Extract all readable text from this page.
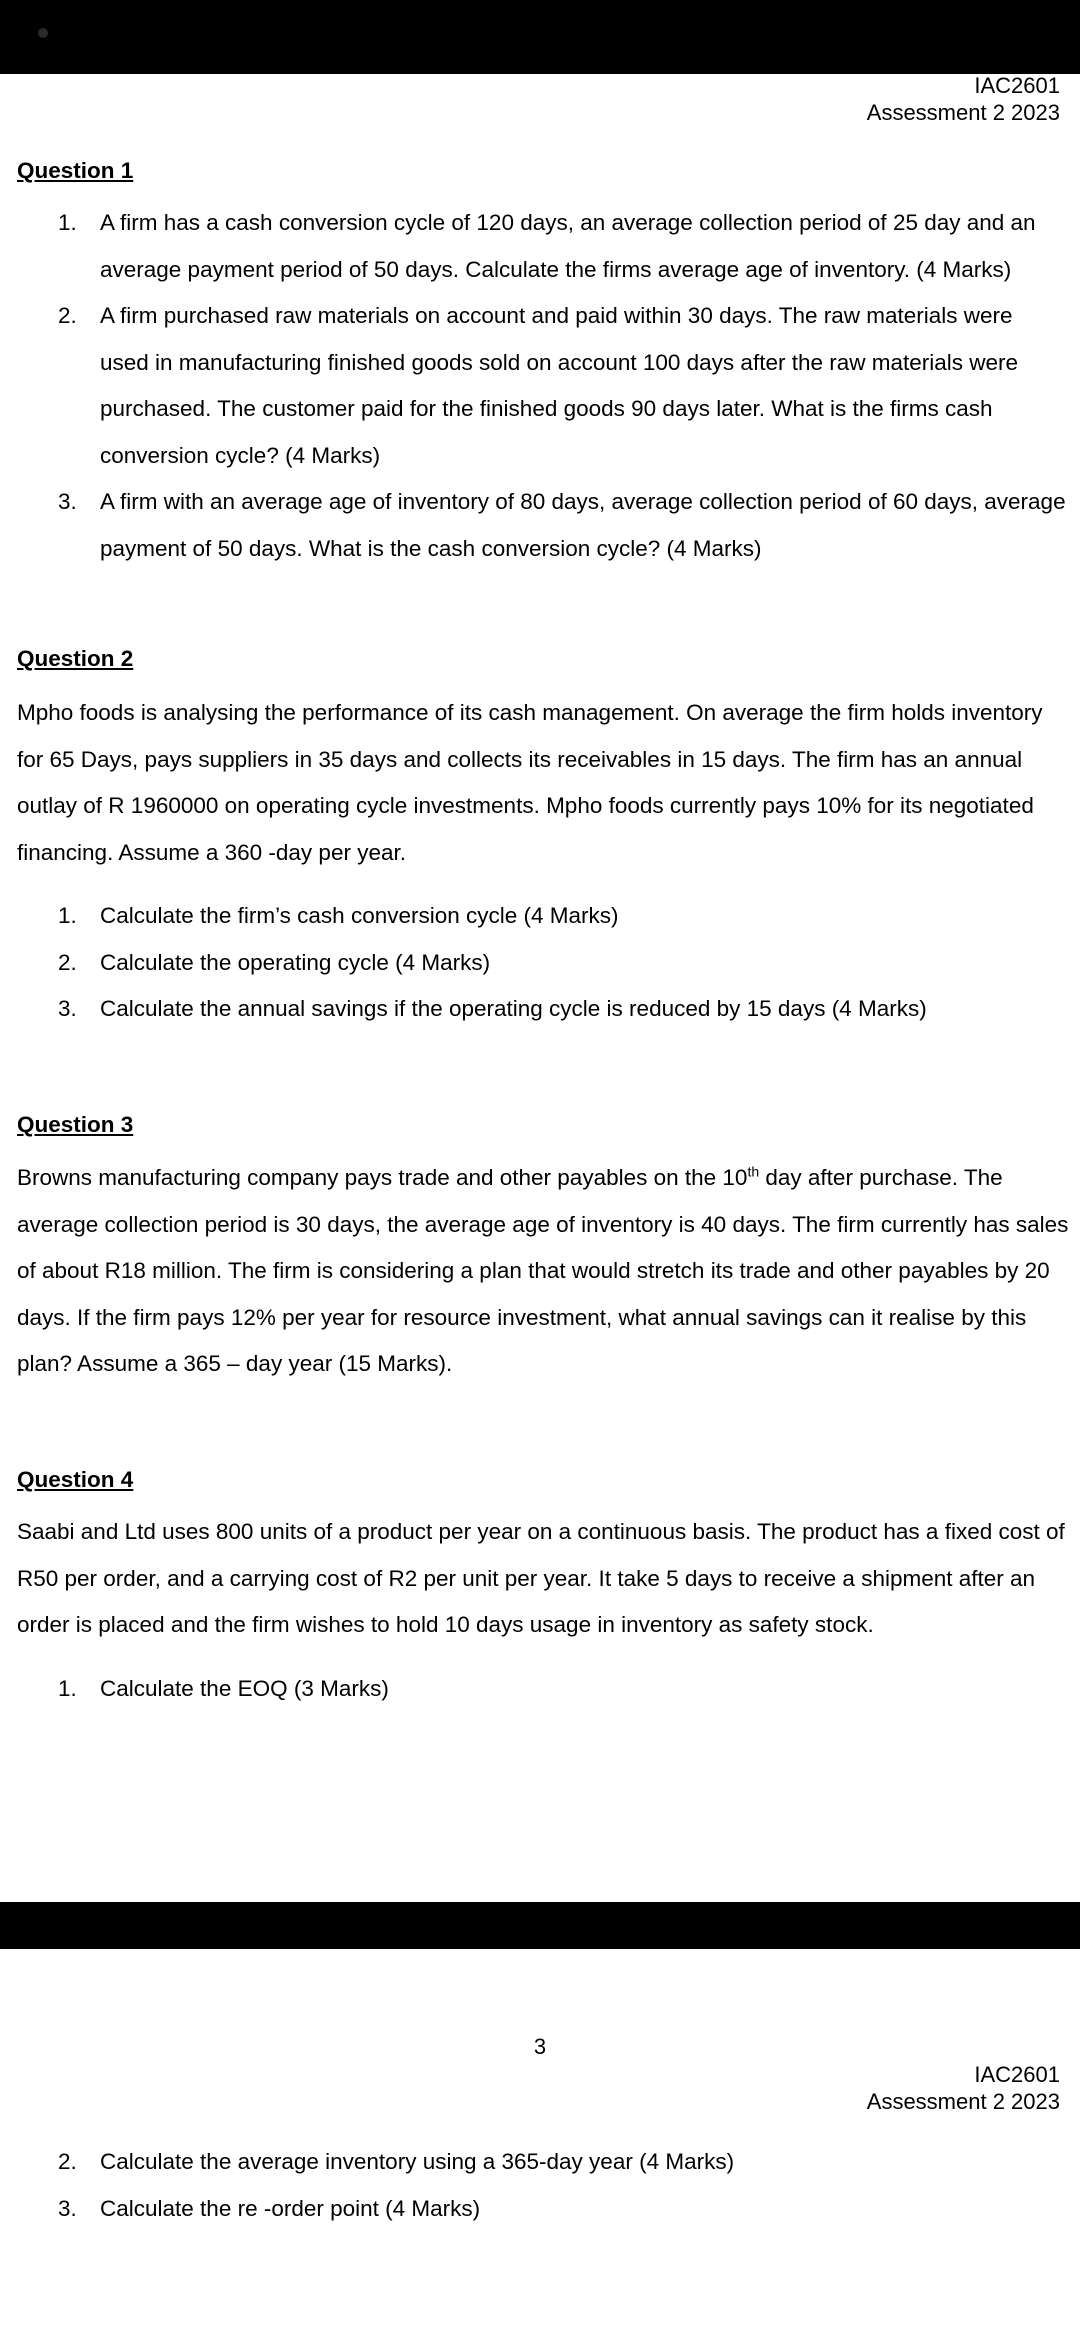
IAC2601
Assessment 2 2023
Question 1
1. A firm has a cash conversion cycle of 120 days, an average collection period of 25 day and an average payment period of 50 days. Calculate the firms average age of inventory. (4 Marks)
2. A firm purchased raw materials on account and paid within 30 days. The raw materials were used in manufacturing finished goods sold on account 100 days after the raw materials were purchased. The customer paid for the finished goods 90 days later. What is the firms cash conversion cycle? (4 Marks)
3. A firm with an average age of inventory of 80 days, average collection period of 60 days, average payment of 50 days. What is the cash conversion cycle? (4 Marks)
Question 2
Mpho foods is analysing the performance of its cash management. On average the firm holds inventory for 65 Days, pays suppliers in 35 days and collects its receivables in 15 days. The firm has an annual outlay of R 1960000 on operating cycle investments. Mpho foods currently pays 10% for its negotiated financing. Assume a 360 -day per year.
1. Calculate the firm’s cash conversion cycle (4 Marks)
2. Calculate the operating cycle (4 Marks)
3. Calculate the annual savings if the operating cycle is reduced by 15 days (4 Marks)
Question 3
Browns manufacturing company pays trade and other payables on the 10th day after purchase. The average collection period is 30 days, the average age of inventory is 40 days. The firm currently has sales of about R18 million. The firm is considering a plan that would stretch its trade and other payables by 20 days. If the firm pays 12% per year for resource investment, what annual savings can it realise by this plan? Assume a 365 – day year (15 Marks).
Question 4
Saabi and Ltd uses 800 units of a product per year on a continuous basis. The product has a fixed cost of R50 per order, and a carrying cost of R2 per unit per year. It take 5 days to receive a shipment after an order is placed and the firm wishes to hold 10 days usage in inventory as safety stock.
1. Calculate the EOQ (3 Marks)
3
IAC2601
Assessment 2 2023
2. Calculate the average inventory using a 365-day year (4 Marks)
3. Calculate the re -order point (4 Marks)
